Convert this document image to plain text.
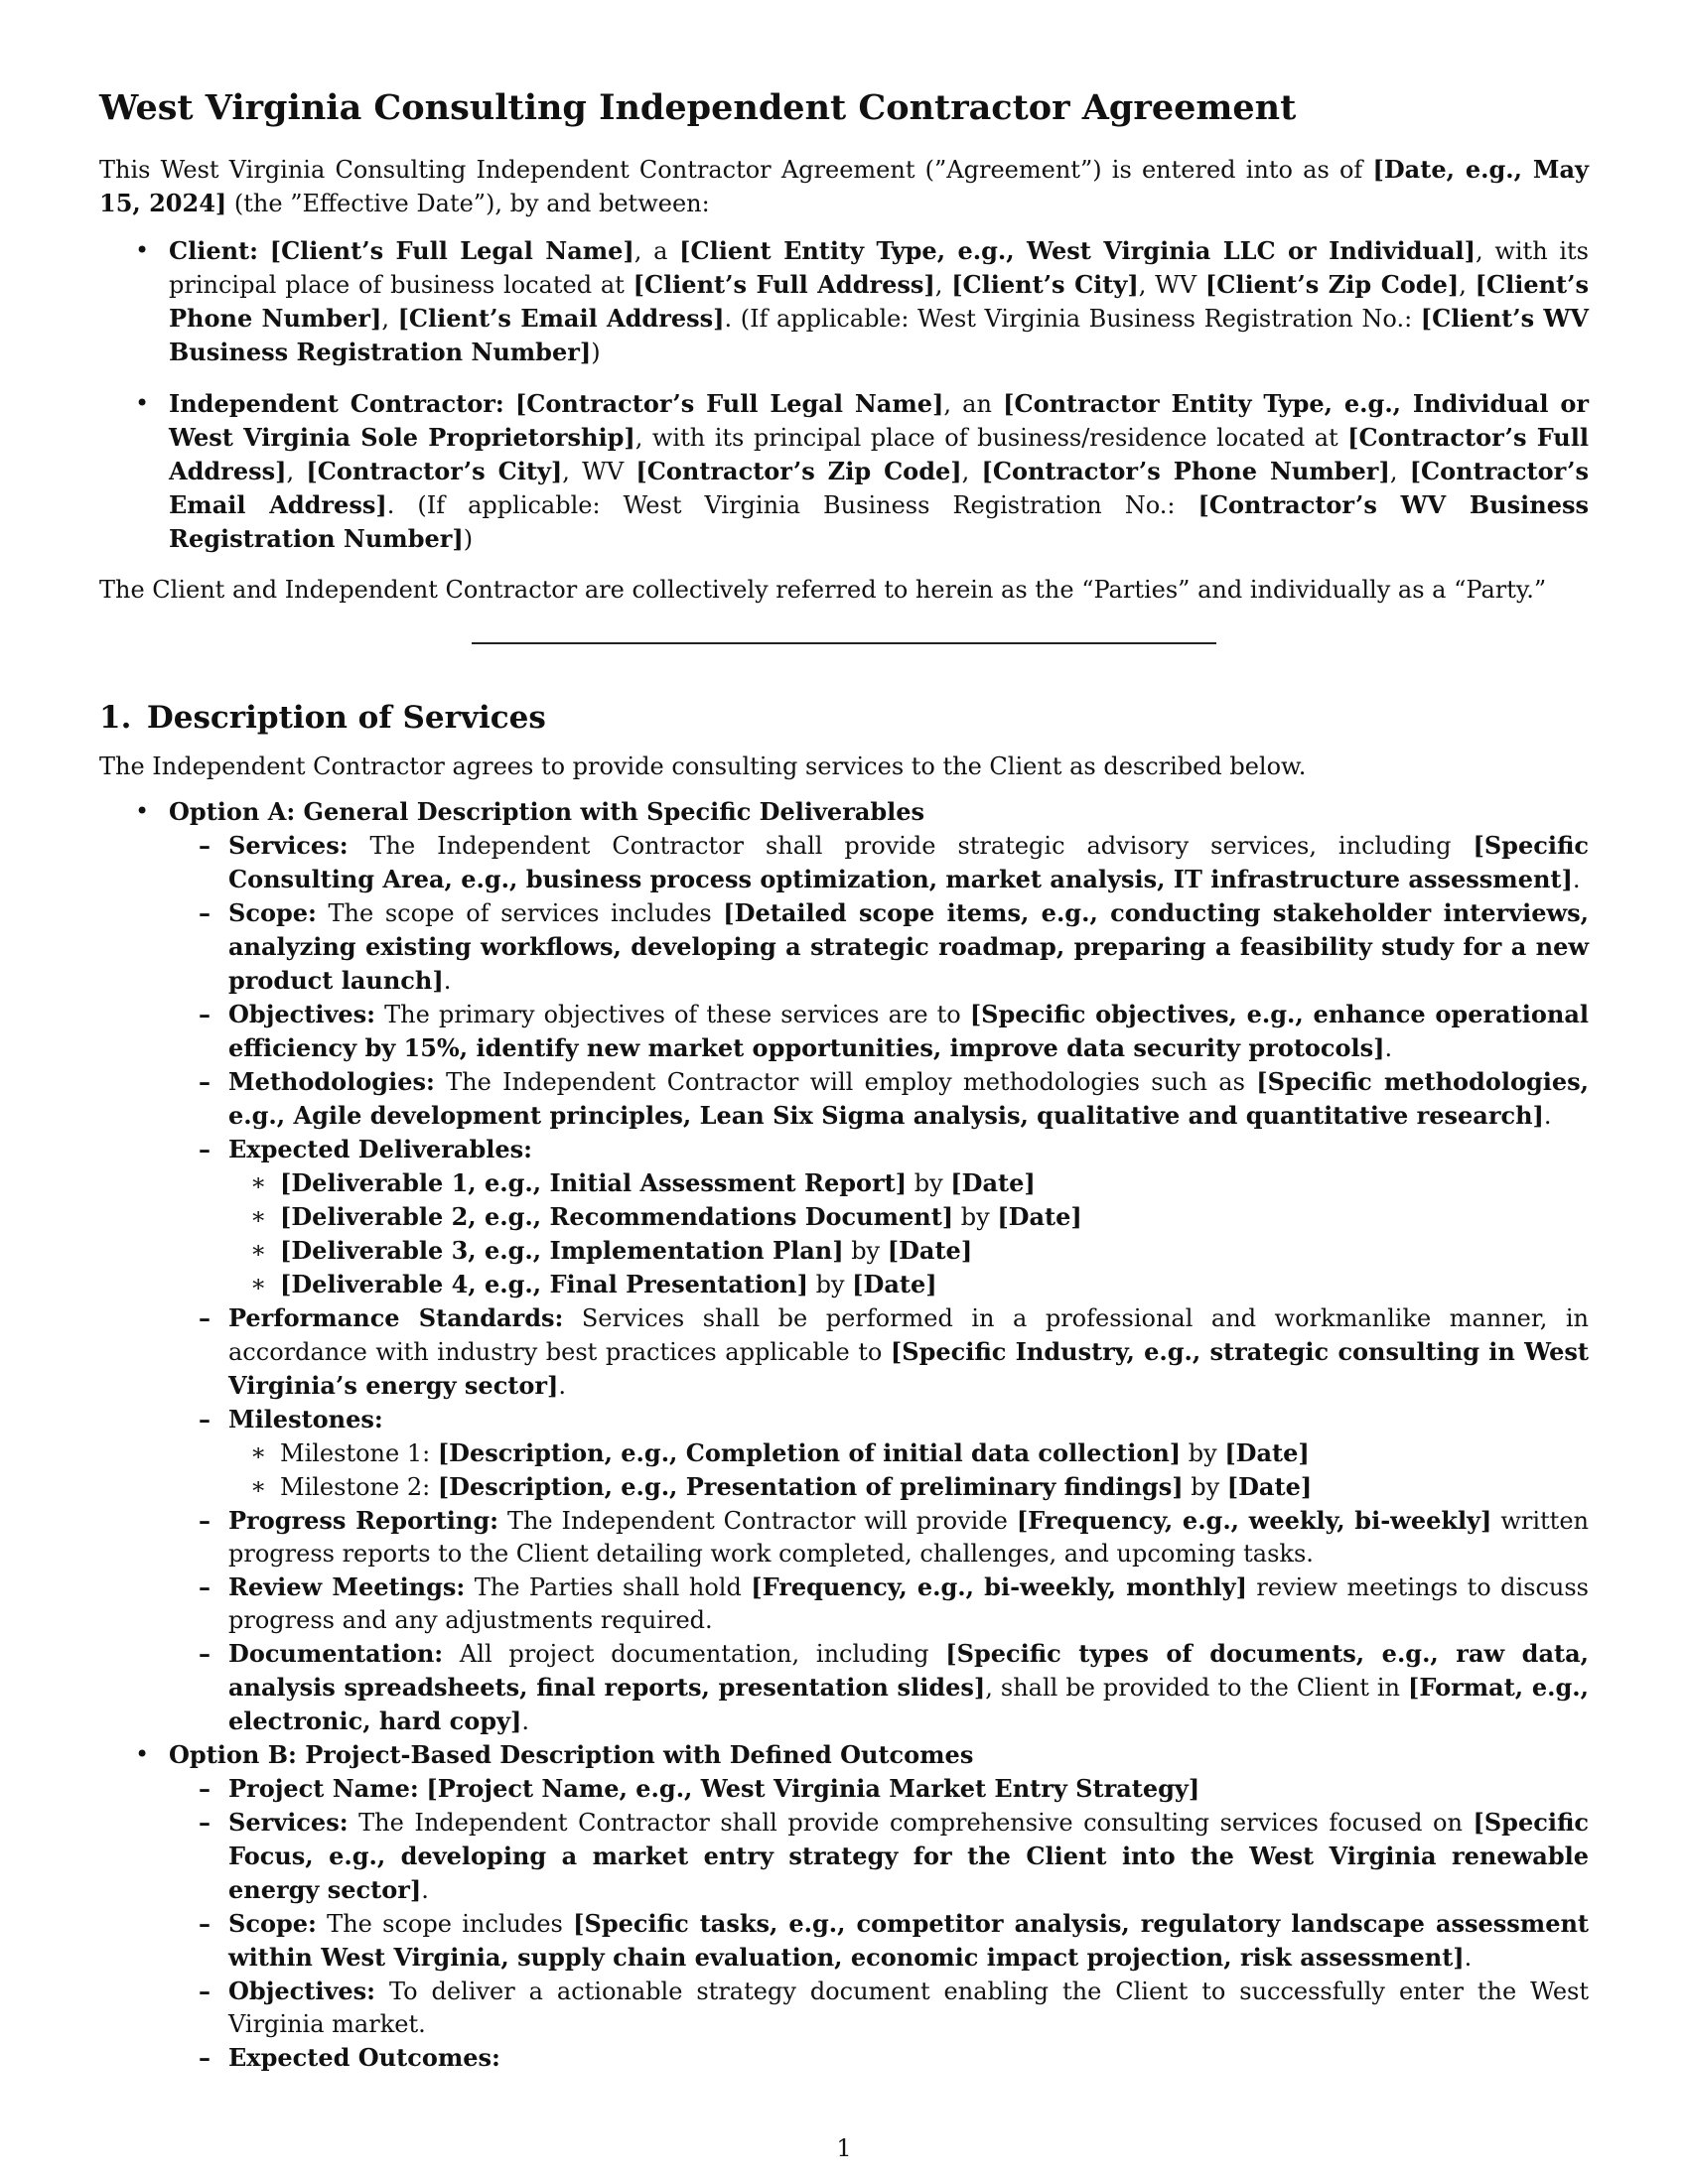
West Virginia Consulting Independent Contractor Agreement

This West Virginia Consulting Independent Contractor Agreement (”Agreement”) is entered into as of [Date, e.g., May 15, 2024] (the ”Effective Date”), by and between:

• Client: [Client’s Full Legal Name], a [Client Entity Type, e.g., West Virginia LLC or Individual], with its principal place of business located at [Client’s Full Address], [Client’s City], WV [Client’s Zip Code], [Client’s Phone Number], [Client’s Email Address]. (If applicable: West Virginia Business Registration No.: [Client’s WV Business Registration Number])
• Independent Contractor: [Contractor’s Full Legal Name], an [Contractor Entity Type, e.g., Individual or West Virginia Sole Proprietorship], with its principal place of business/residence located at [Contractor’s Full Address], [Contractor’s City], WV [Contractor’s Zip Code], [Contractor’s Phone Number], [Contractor’s Email Address]. (If applicable: West Virginia Business Registration No.: [Contractor’s WV Business Registration Number])

The Client and Independent Contractor are collectively referred to herein as the “Parties” and individually as a “Party.”

1. Description of Services

The Independent Contractor agrees to provide consulting services to the Client as described below.

• Option A: General Description with Specific Deliverables
– Services: The Independent Contractor shall provide strategic advisory services, including [Specific Consulting Area, e.g., business process optimization, market analysis, IT infrastructure assessment].
– Scope: The scope of services includes [Detailed scope items, e.g., conducting stakeholder interviews, analyzing existing workflows, developing a strategic roadmap, preparing a feasibility study for a new product launch].
– Objectives: The primary objectives of these services are to [Specific objectives, e.g., enhance operational efficiency by 15%, identify new market opportunities, improve data security protocols].
– Methodologies: The Independent Contractor will employ methodologies such as [Specific methodologies, e.g., Agile development principles, Lean Six Sigma analysis, qualitative and quantitative research].
– Expected Deliverables:
∗ [Deliverable 1, e.g., Initial Assessment Report] by [Date]
∗ [Deliverable 2, e.g., Recommendations Document] by [Date]
∗ [Deliverable 3, e.g., Implementation Plan] by [Date]
∗ [Deliverable 4, e.g., Final Presentation] by [Date]
– Performance Standards: Services shall be performed in a professional and workmanlike manner, in accordance with industry best practices applicable to [Specific Industry, e.g., strategic consulting in West Virginia’s energy sector].
– Milestones:
∗ Milestone 1: [Description, e.g., Completion of initial data collection] by [Date]
∗ Milestone 2: [Description, e.g., Presentation of preliminary findings] by [Date]
– Progress Reporting: The Independent Contractor will provide [Frequency, e.g., weekly, bi-weekly] written progress reports to the Client detailing work completed, challenges, and upcoming tasks.
– Review Meetings: The Parties shall hold [Frequency, e.g., bi-weekly, monthly] review meetings to discuss progress and any adjustments required.
– Documentation: All project documentation, including [Specific types of documents, e.g., raw data, analysis spreadsheets, final reports, presentation slides], shall be provided to the Client in [Format, e.g., electronic, hard copy].
• Option B: Project-Based Description with Defined Outcomes
– Project Name: [Project Name, e.g., West Virginia Market Entry Strategy]
– Services: The Independent Contractor shall provide comprehensive consulting services focused on [Specific Focus, e.g., developing a market entry strategy for the Client into the West Virginia renewable energy sector].
– Scope: The scope includes [Specific tasks, e.g., competitor analysis, regulatory landscape assessment within West Virginia, supply chain evaluation, economic impact projection, risk assessment].
– Objectives: To deliver a actionable strategy document enabling the Client to successfully enter the West Virginia market.
– Expected Outcomes:
1
